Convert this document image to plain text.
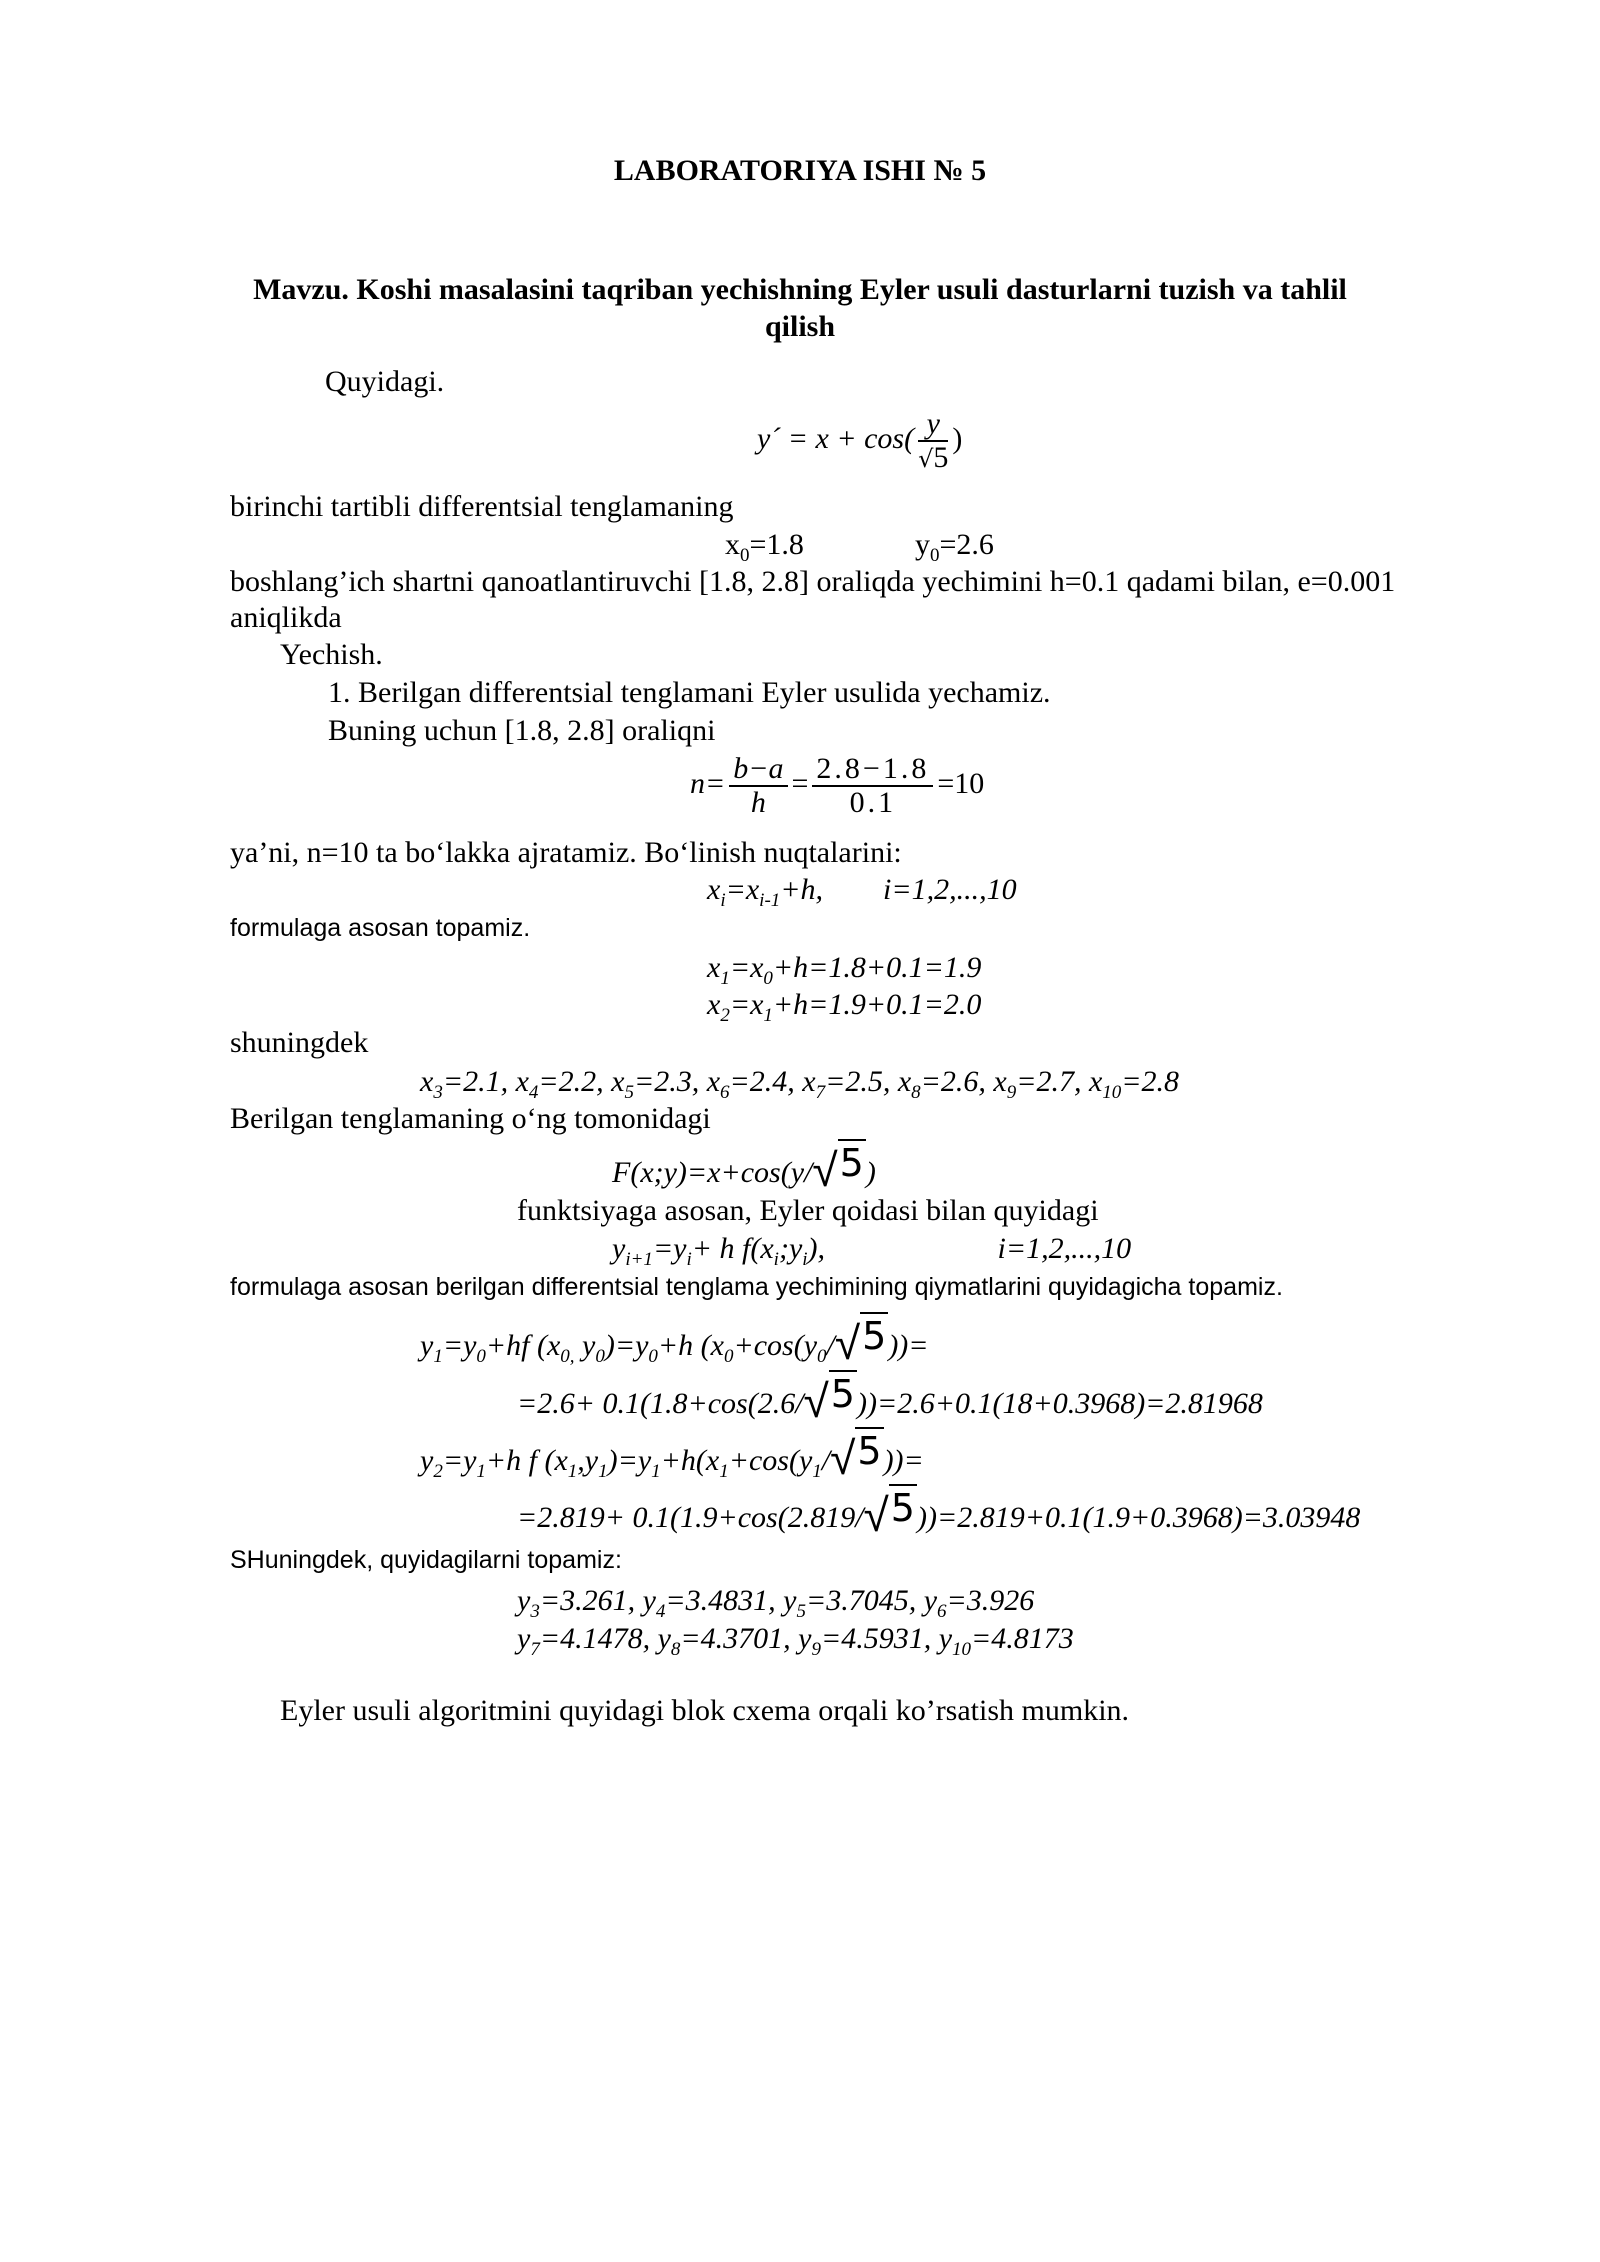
LABORATORIYA ISHI № 5
Mavzu. Koshi masalasini taqriban yechishning Eyler usuli dasturlarni tuzish va tahlil
qilish
Quyidagi.
y´ = $x + \cos( \frac{y}{√5}$ )
birinchi tartibli differentsial tenglamaning
$x_0=1.8$	$y_0=2.6$
boshlang’ich shartni qanoatlantiruvchi [1.8, 2.8] oraliqda yechimini h=0.1 qadami bilan, e=0.001
aniqlikda
Yechish.
1. Berilgan differentsial tenglamani Eyler usulida yechamiz.
Buning uchun [1.8, 2.8] oraliqni
$n= \frac{b-a}{h} = \frac{2.8-1.8}{0.1} =10$
ya’ni, n=10 ta bo‘lakka ajratamiz. Bo‘linish nuqtalarini:
$x_i=x_{i-1}+h$,        i=1,2,...,10
formulaga asosan topamiz.
$x_1=x_0+h=1.8+0.1=1.9$
$x_2=x_1+h=1.9+0.1=2.0$
shuningdek
$x_3=2.1$, $x_4=2.2$, $x_5=2.3$, $x_6=2.4$, $x_7=2.5$, $x_8=2.6$, $x_9=2.7$, $x_{10}=2.8$
Berilgan tenglamaning o‘ng tomonidagi
F(x;y)=x+cos(y/√5)
funktsiyaga asosan, Eyler qoidasi bilan quyidagi
$y_{i+1}=y_i+ h$ $f(x_i;y_i)$,                       i=1,2,...,10
formulaga asosan berilgan differentsial tenglama yechimining qiymatlarini quyidagicha topamiz.
$y_1=y_0+hf$ ($x_{0,}$ $y_0)=y_0+h$ $(x_0+\cos(y_0/√5))=$
=2.6+ 0.1(1.8+cos(2.6/√5))=2.6+0.1(18+0.3968)=2.81968
$y_2=y_1+h$ f $(x_1,y_1)=y_1+h(x_1+\cos(y_1/√5))=$
=2.819+ 0.1(1.9+cos(2.819/√5))=2.819+0.1(1.9+0.3968)=3.03948
SHuningdek, quyidagilarni topamiz:
$y_3=3.261$, $y_4=3.4831$, $y_5=3.7045$, $y_6=3.926$
$y_7=4.1478$, $y_8=4.3701$, $y_9=4.5931$, $y_{10}=4.8173$
Eyler usuli algoritmini quyidagi blok cxema orqali ko’rsatish mumkin.
